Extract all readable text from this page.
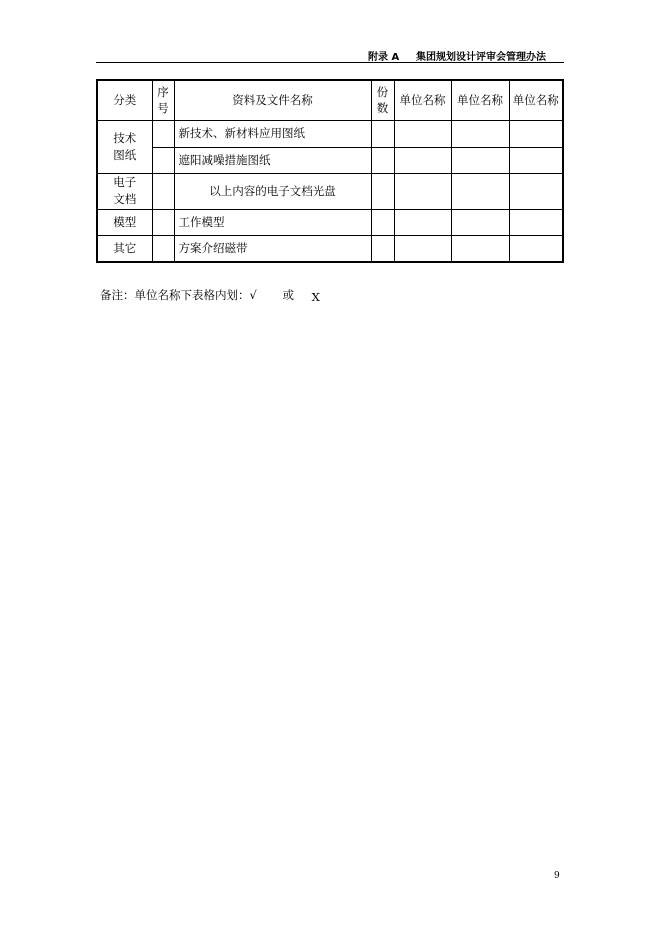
附录 A 集团规划设计评审会管理办法
分类	序号	资料及文件名称	份数	单位名称	单位名称	单位名称

技术图纸		新技术、新材料应用图纸				
		遮阳减噪措施图纸				

电子文档		以上内容的电子文档光盘				
模型		工作模型				
其它		方案介绍磁带				
备注：单位名称下表格内划：√ 或 X
9
